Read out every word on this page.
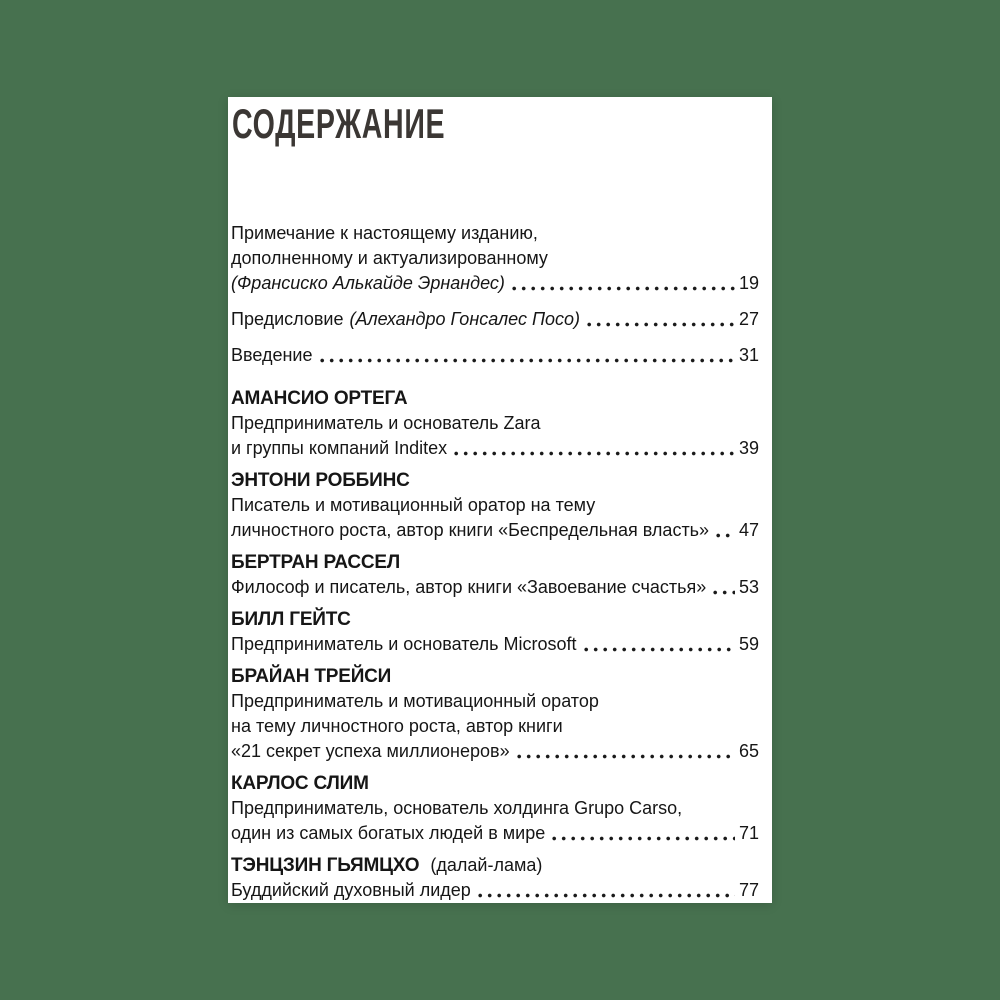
СОДЕРЖАНИЕ
Примечание к настоящему изданию,
дополненному и актуализированному
(Франсиско Алькайде Эрнандес)	19
Предисловие (Алехандро Гонсалес Посо)	27
Введение	31
АМАНСИО ОРТЕГА
Предприниматель и основатель Zara
и группы компаний Inditex	39
ЭНТОНИ РОББИНС
Писатель и мотивационный оратор на тему
личностного роста, автор книги «Беспредельная власть» 47
БЕРТРАН РАССЕЛ
Философ и писатель, автор книги «Завоевание счастья» 53
БИЛЛ ГЕЙТС
Предприниматель и основатель Microsoft	59
БРАЙАН ТРЕЙСИ
Предприниматель и мотивационный оратор
на тему личностного роста, автор книги
«21 секрет успеха миллионеров»	65
КАРЛОС СЛИМ
Предприниматель, основатель холдинга Grupo Carso,
один из самых богатых людей в мире	71
ТЭНЦЗИН ГЬЯМЦХО (далай-лама)
Буддийский духовный лидер	77
